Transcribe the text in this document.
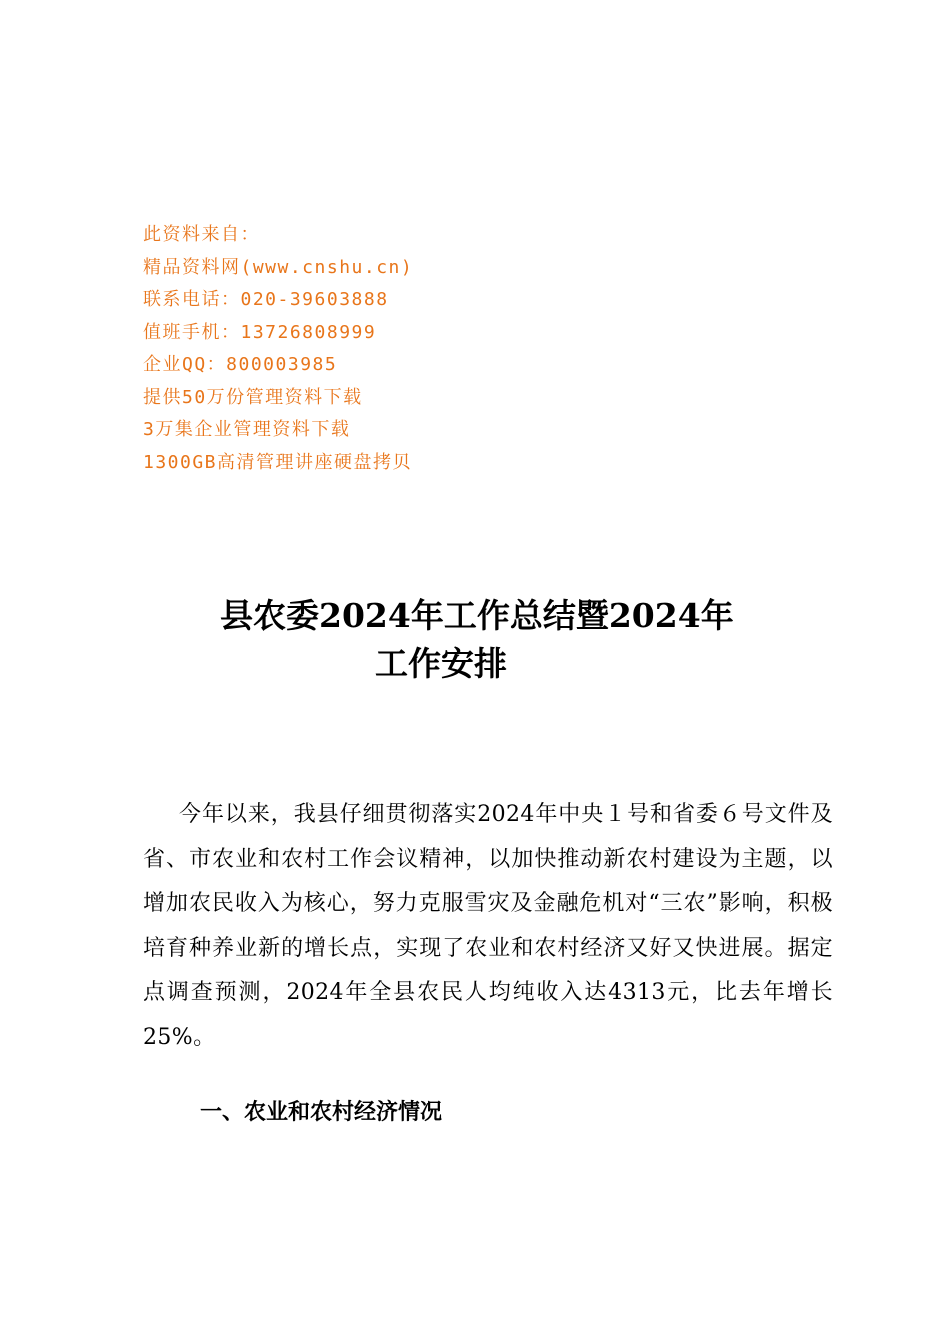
此资料来自：
精品资料网(www.cnshu.cn)
联系电话：020-39603888
值班手机：13726808999
企业QQ：800003985
提供50万份管理资料下载
3万集企业管理资料下载
1300GB高清管理讲座硬盘拷贝
县农委2024年工作总结暨2024年
工作安排

今年以来，我县仔细贯彻落实2024年中央１号和省委６号文件及省、市农业和农村工作会议精神，以加快推动新农村建设为主题，以增加农民收入为核心，努力克服雪灾及金融危机对“三农”影响，积极培育种养业新的增长点，实现了农业和农村经济又好又快进展。据定点调查预测，2024年全县农民人均纯收入达4313元，比去年增长25%。

一、农业和农村经济情况
